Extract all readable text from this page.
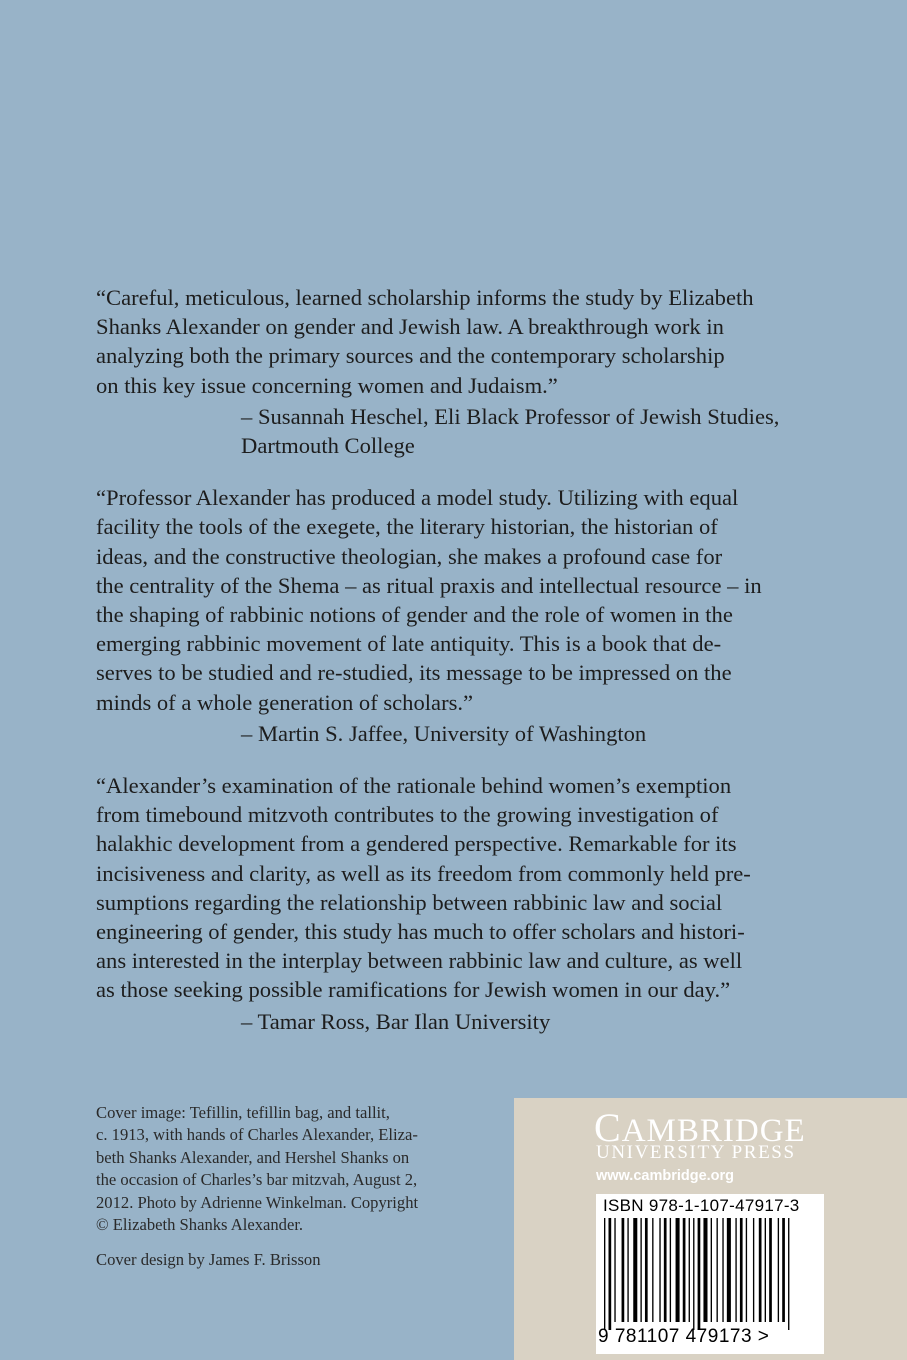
“Careful, meticulous, learned scholarship informs the study by Elizabeth
Shanks Alexander on gender and Jewish law. A breakthrough work in
analyzing both the primary sources and the contemporary scholarship
on this key issue concerning women and Judaism.”

– Susannah Heschel, Eli Black Professor of Jewish Studies,
Dartmouth College

“Professor Alexander has produced a model study. Utilizing with equal
facility the tools of the exegete, the literary historian, the historian of
ideas, and the constructive theologian, she makes a profound case for
the centrality of the Shema – as ritual praxis and intellectual resource – in
the shaping of rabbinic notions of gender and the role of women in the
emerging rabbinic movement of late antiquity. This is a book that de-
serves to be studied and re-studied, its message to be impressed on the
minds of a whole generation of scholars.”

– Martin S. Jaffee, University of Washington

“Alexander’s examination of the rationale behind women’s exemption
from timebound mitzvoth contributes to the growing investigation of
halakhic development from a gendered perspective. Remarkable for its
incisiveness and clarity, as well as its freedom from commonly held pre-
sumptions regarding the relationship between rabbinic law and social
engineering of gender, this study has much to offer scholars and histori-
ans interested in the interplay between rabbinic law and culture, as well
as those seeking possible ramifications for Jewish women in our day.”

– Tamar Ross, Bar Ilan University

Cover image: Tefillin, tefillin bag, and tallit,
c. 1913, with hands of Charles Alexander, Eliza-
beth Shanks Alexander, and Hershel Shanks on
the occasion of Charles’s bar mitzvah, August 2,
2012. Photo by Adrienne Winkelman. Copyright
© Elizabeth Shanks Alexander.

Cover design by James F. Brisson

CAMBRIDGE
UNIVERSITY PRESS
www.cambridge.org
ISBN 978-1-107-47917-3
9 781107 479173 >
